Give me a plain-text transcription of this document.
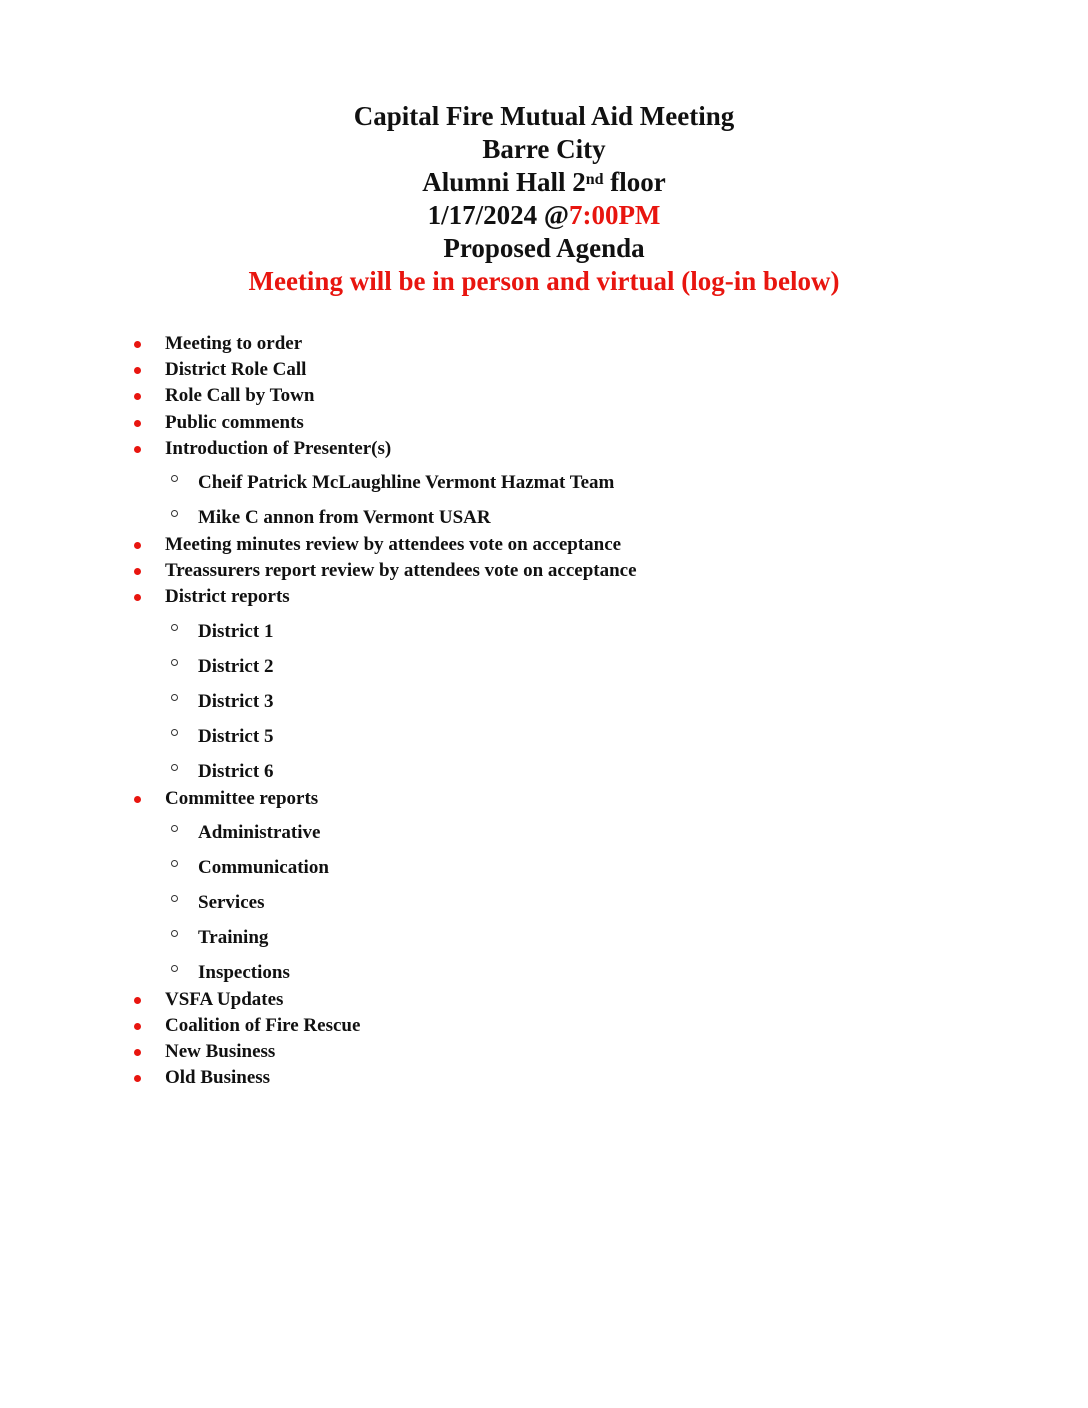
Capital Fire Mutual Aid Meeting
Barre City
Alumni Hall 2nd floor
1/17/2024 @7:00PM
Proposed Agenda
Meeting will be in person and virtual (log-in below)
Meeting to order
District Role Call
Role Call by Town
Public comments
Introduction of Presenter(s)
Cheif Patrick McLaughline Vermont Hazmat Team
Mike C annon from Vermont USAR
Meeting minutes review by attendees vote on acceptance
Treassurers report review by attendees vote on acceptance
District reports
District 1
District 2
District 3
District 5
District 6
Committee reports
Administrative
Communication
Services
Training
Inspections
VSFA Updates
Coalition of Fire Rescue
New Business
Old Business
